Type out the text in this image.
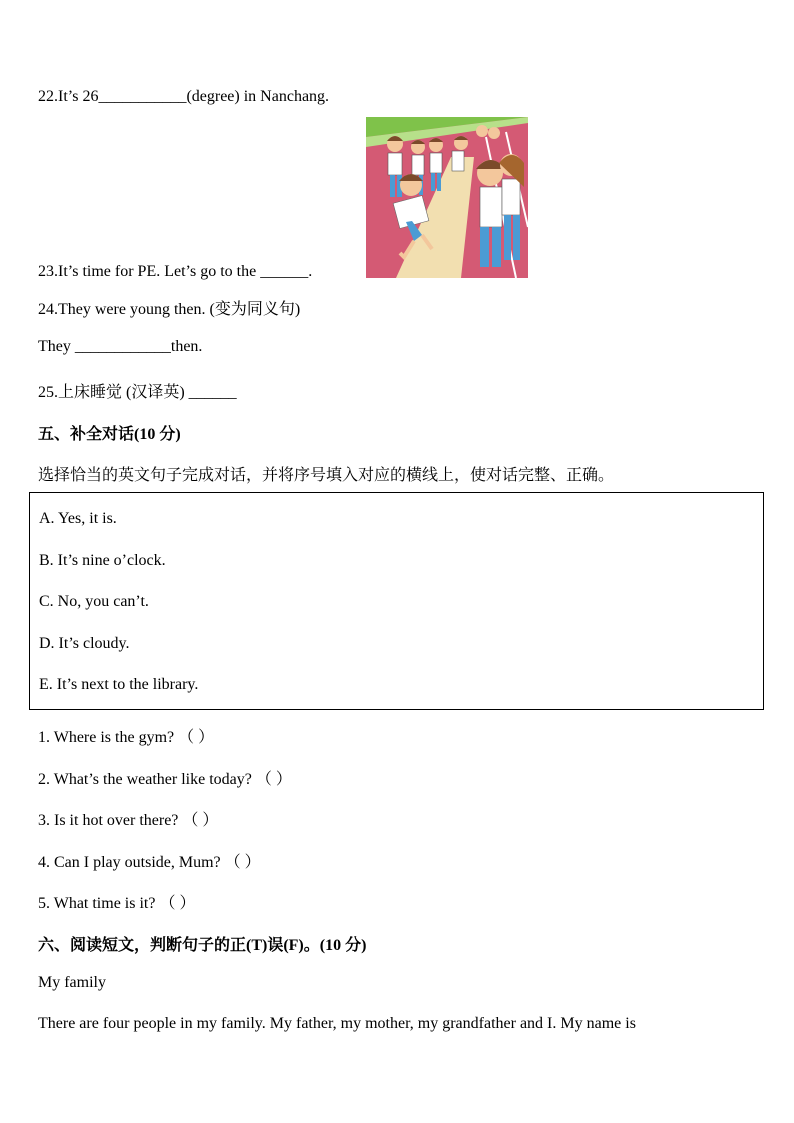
22.It’s 26___________(degree) in Nanchang.
23.It’s time for PE. Let’s go to the ______.
24.They were young then. (变为同义句)
They ____________then.
25.上床睡觉 (汉译英) ______
五、补全对话(10 分)
选择恰当的英文句子完成对话，并将序号填入对应的横线上，使对话完整、正确。
A. Yes, it is.
B. It’s nine o’clock.
C. No, you can’t.
D. It’s cloudy.
E. It’s next to the library.
1. Where is the gym? （ ）
2. What’s the weather like today? （ ）
3. Is it hot over there? （ ）
4. Can I play outside, Mum? （ ）
5. What time is it? （ ）
六、阅读短文，判断句子的正(T)误(F)。(10 分)
My family
There are four people in my family. My father, my mother, my grandfather and I. My name is
